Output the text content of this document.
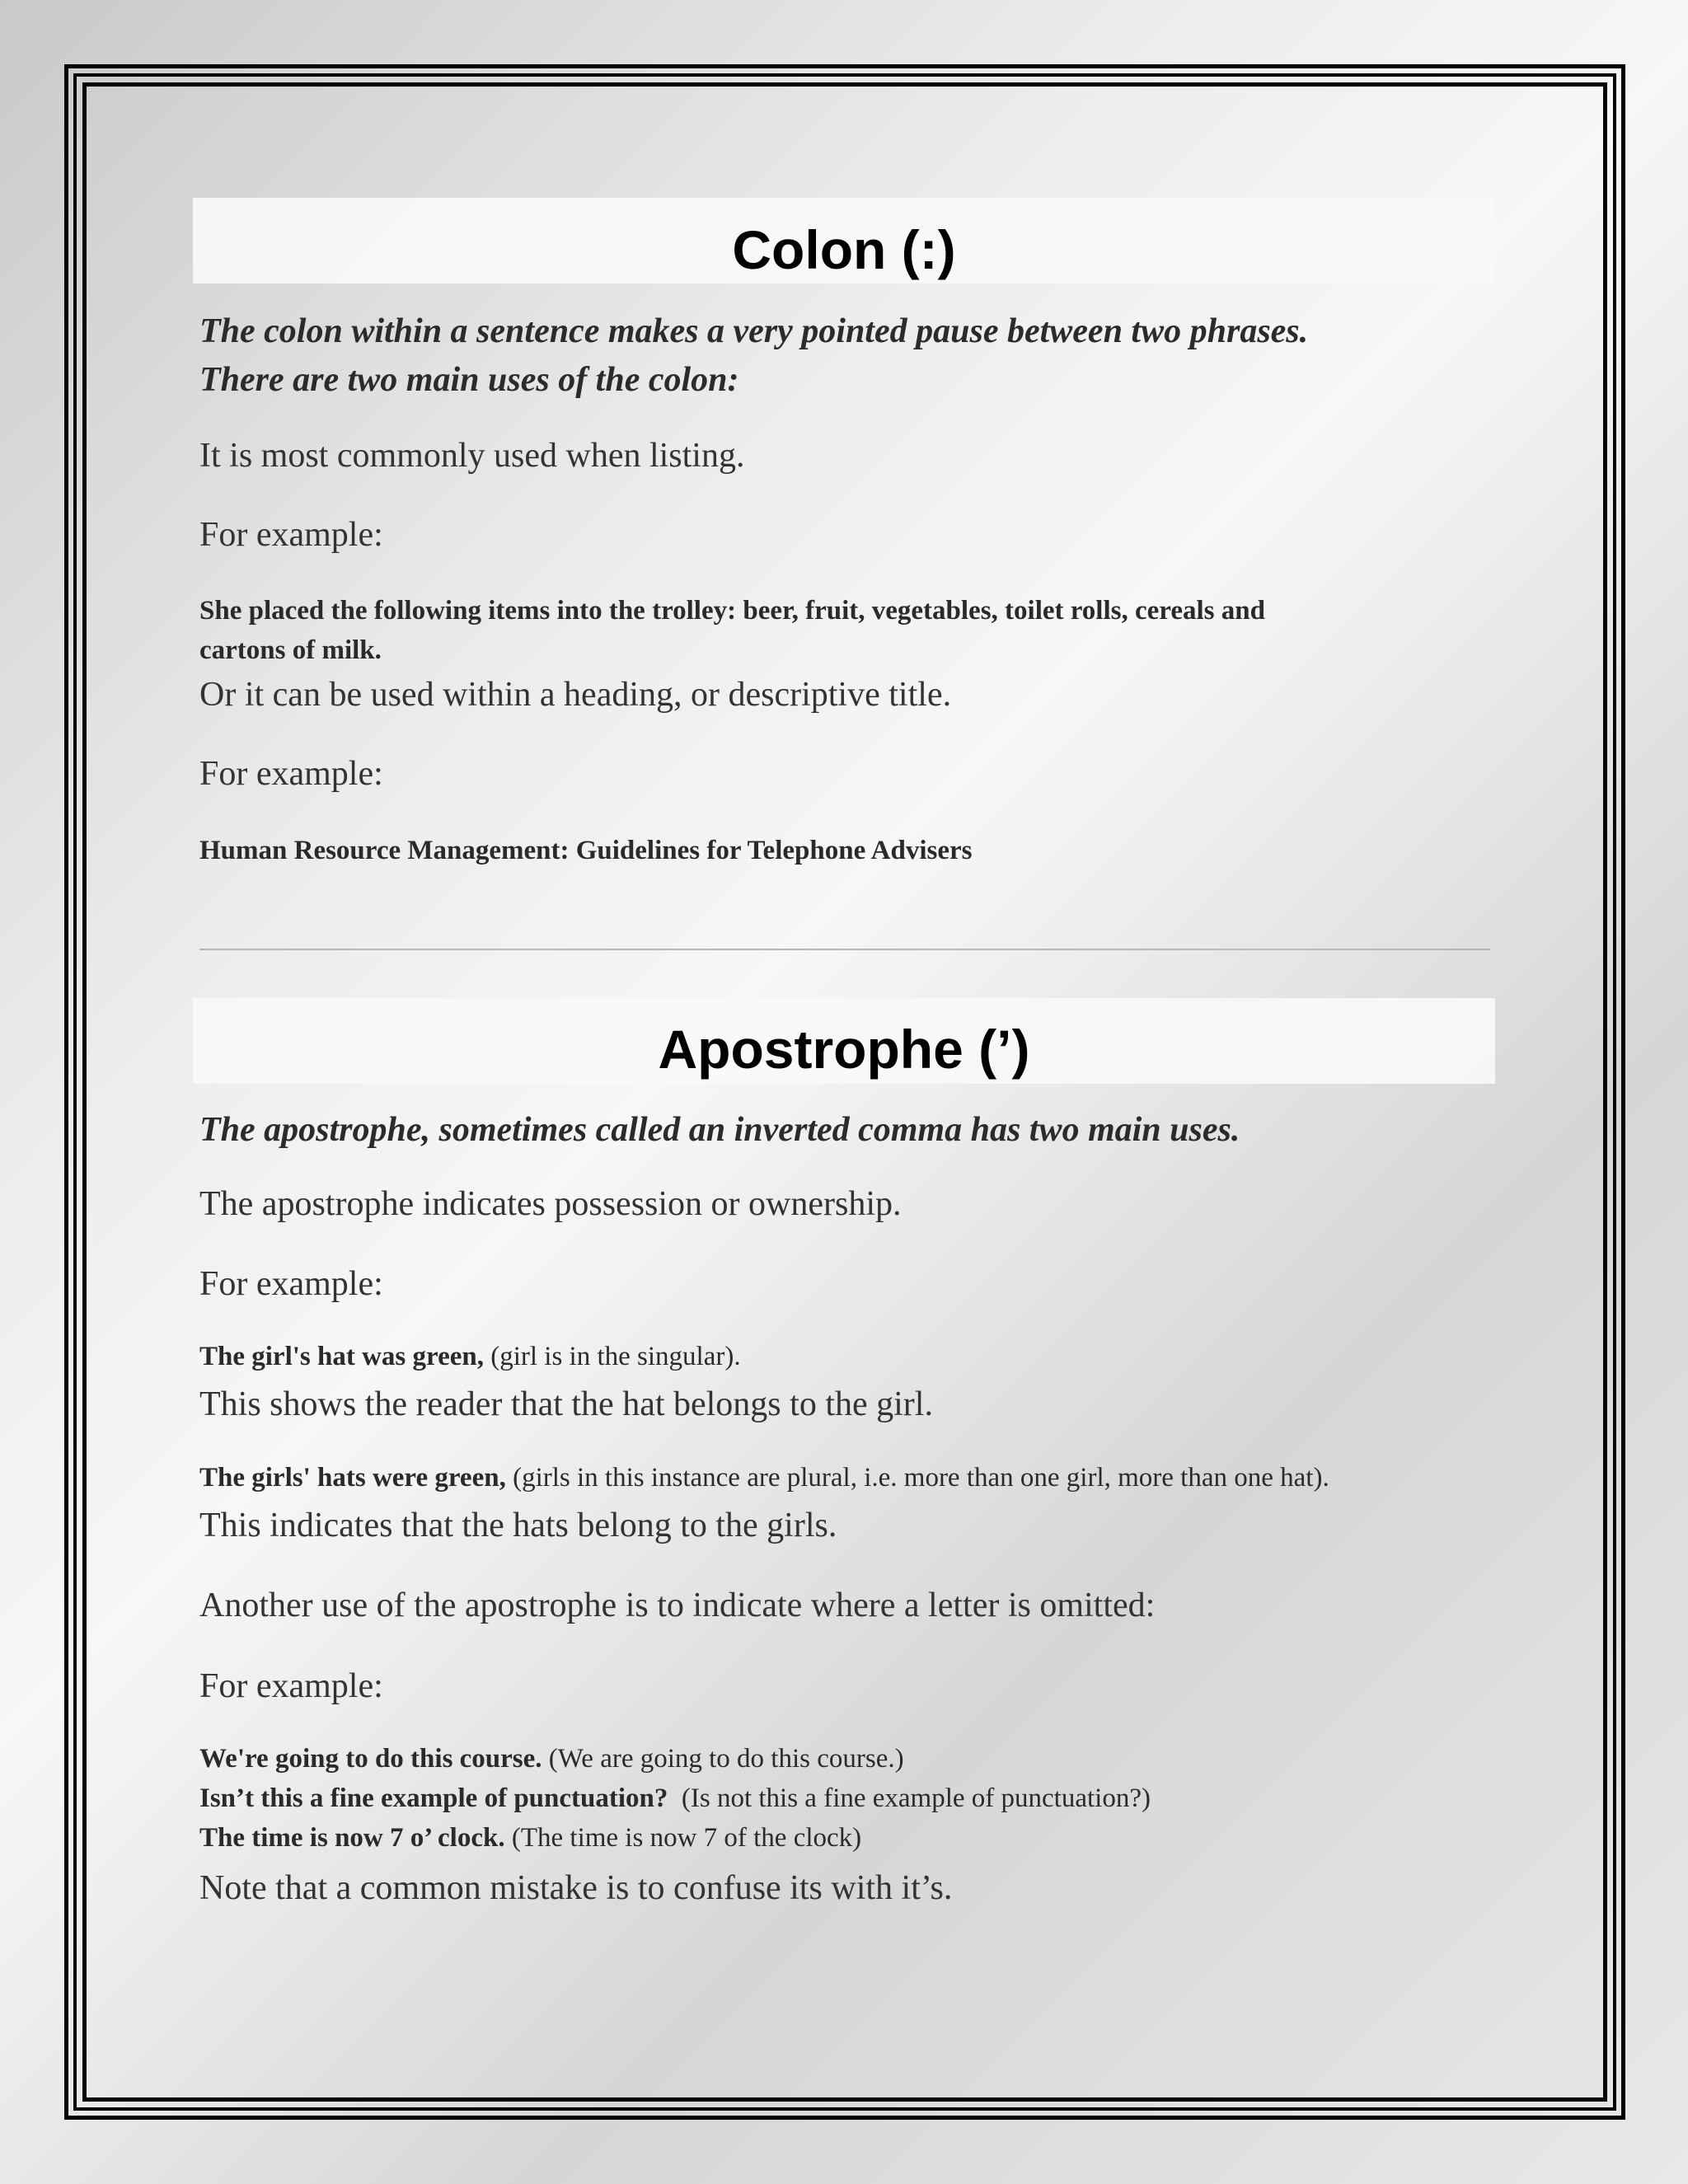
Colon (:)
The colon within a sentence makes a very pointed pause between two phrases.
There are two main uses of the colon:
It is most commonly used when listing.
For example:
She placed the following items into the trolley: beer, fruit, vegetables, toilet rolls, cereals and
cartons of milk.
Or it can be used within a heading, or descriptive title.
For example:
Human Resource Management: Guidelines for Telephone Advisers
Apostrophe (’)
The apostrophe, sometimes called an inverted comma has two main uses.
The apostrophe indicates possession or ownership.
For example:
The girl's hat was green, (girl is in the singular).
This shows the reader that the hat belongs to the girl.
The girls' hats were green, (girls in this instance are plural, i.e. more than one girl, more than one hat).
This indicates that the hats belong to the girls.
Another use of the apostrophe is to indicate where a letter is omitted:
For example:
We're going to do this course. (We are going to do this course.)
Isn’t this a fine example of punctuation?  (Is not this a fine example of punctuation?)
The time is now 7 o’ clock. (The time is now 7 of the clock)
Note that a common mistake is to confuse its with it’s.
